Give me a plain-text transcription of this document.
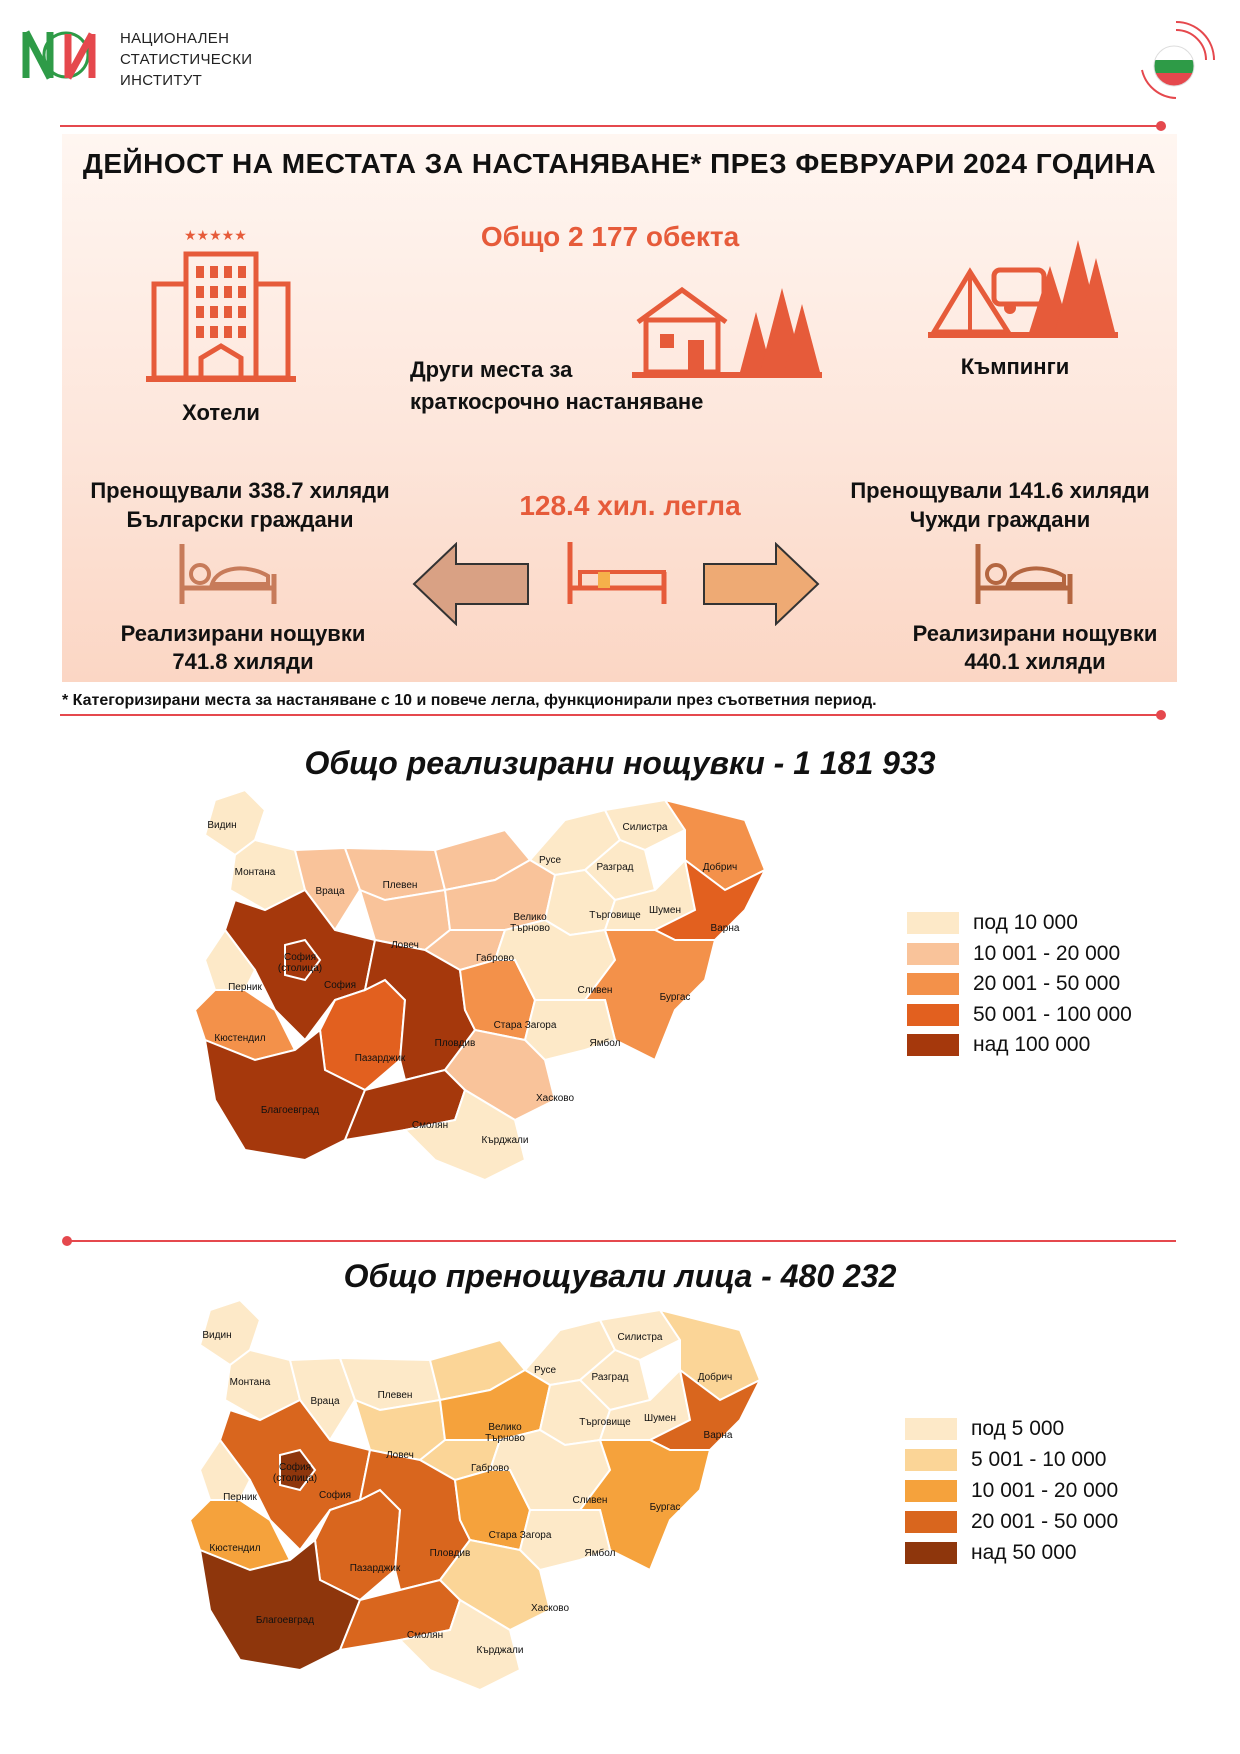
НАЦИОНАЛЕН
СТАТИСТИЧЕСКИ
ИНСТИТУТ
ДЕЙНОСТ НА МЕСТАТА ЗА НАСТАНЯВАНЕ* ПРЕЗ ФЕВРУАРИ 2024 ГОДИНА
Общо 2 177 обекта
★★★★★
Хотели
Други места за
краткосрочно настаняване
Къмпинги
Пренощували 338.7 хиляди
Български граждани
Реализирани нощувки
741.8 хиляди
128.4 хил. легла	Пренощували 141.6 хиляди
Чужди граждани
Реализирани нощувки
440.1 хиляди
* Категоризирани места за настаняване с 10 и повече легла, функционирали през съответния период.
Общо реализирани нощувки - 1 181 933
Видин
Монтана
Враца
Плевен
Русе
Силистра
Разград	Добрич
Ловеч
Велико Търново
Търговище Шумен
Варна
София (столица)
София
Перник
Кюстендил
Габрово
Сливен
Бургас
Стара Загора
Пловдив
Пазарджик
Ямбол
Хасково
Благоевград
Смолян
Кърджали
под 10 000
10 001 - 20 000
20 001 - 50 000
50 001 - 100 000
над 100 000
Общо пренощували лица - 480 232
Видин
Монтана
Враца
Плевен
Русе
Силистра
Разград	Добрич
Ловеч
Велико Търново
Търговище	Шумен
Варна
София (столица)
София
Перник
Кюстендил
Габрово
Сливен
Бургас
Стара Загора
Пловдив
Пазарджик
Ямбол
Хасково
Благоевград
Смолян
Кърджали
под 5 000
5 001 - 10 000
10 001 - 20 000
20 001 - 50 000
над 50 000
